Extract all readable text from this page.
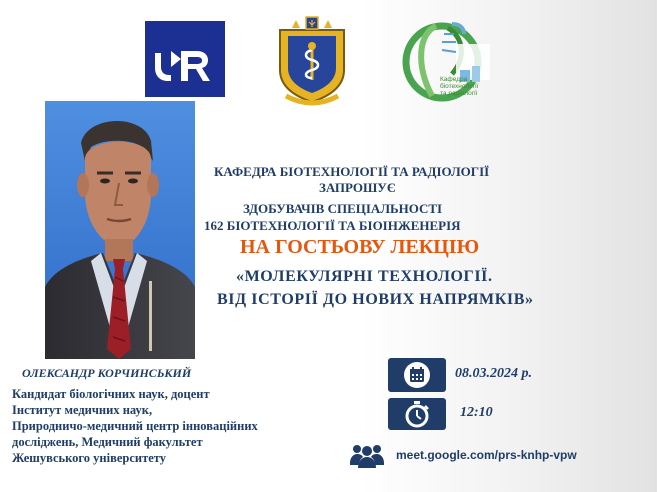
Кафедра
біотехнології
та радіології
КАФЕДРА БІОТЕХНОЛОГІЇ ТА РАДІОЛОГІЇ
ЗАПРОШУЄ
ЗДОБУВАЧІВ СПЕЦІАЛЬНОСТІ
162 БІОТЕХНОЛОГІЇ ТА БІОІНЖЕНЕРІЯ
НА ГОСТЬОВУ ЛЕКЦІЮ
«МОЛЕКУЛЯРНІ ТЕХНОЛОГІЇ.
ВІД ІСТОРІЇ ДО НОВИХ НАПРЯМКІВ»
ОЛЕКСАНДР КОРЧИНСЬКИЙ
Кандидат біологічних наук, доцент
Інститут медичних наук,
Природничо-медичний центр інноваційних
досліджень, Медичний факультет
Жешувського університету
08.03.2024 р.
12:10
meet.google.com/prs-knhp-vpw
